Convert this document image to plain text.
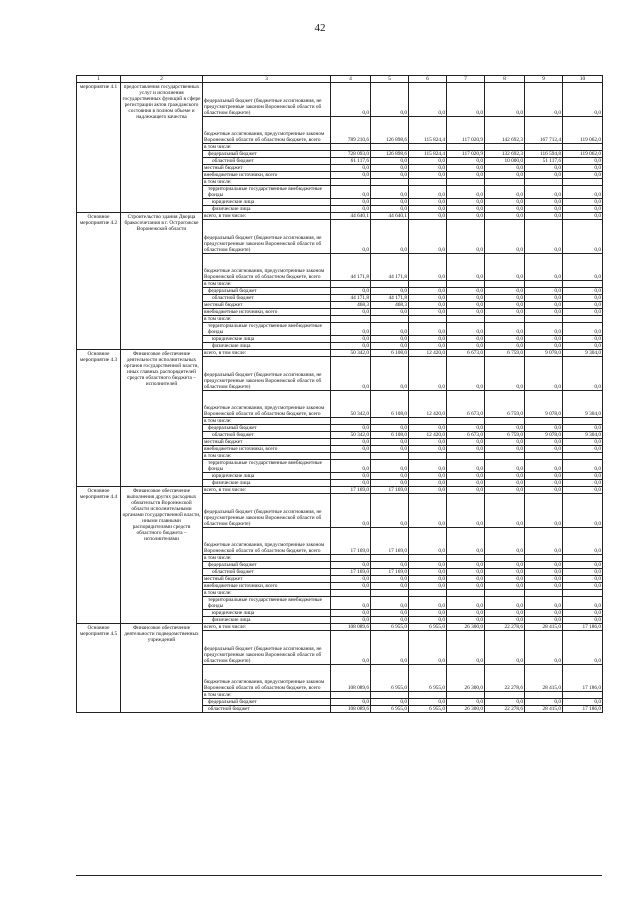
42
1	2	3	4	5	6	7	8	9	10
мероприятие 4.1	предоставления государственных услуг и исполнения государственных функций в сфере регистрации актов гражданского состояния в полном объеме и надлежащего качества	федеральный бюджет (бюджетные ассигнования, не предусмотренные законом Воронежской области об областном бюджете)	0,0	0,0	0,0	0,0	0,0	0,0	0,0
		бюджетные ассигнования, предусмотренные законом Воронежской области об областном бюджете, всего	789 210,6	126 898,6	115 824,4	117 020,9	142 692,3	167 712,4	119 062,0
		в том числе:							
		федеральный бюджет	728 093,0	126 898,6	115 824,4	117 020,9	132 692,3	116 594,8	119 062,0
		областной бюджет	61 117,6	0,0	0,0	0,0	10 000,0	51 117,6	0,0
		местный бюджет	0,0	0,0	0,0	0,0	0,0	0,0	0,0
		внебюджетные источники, всего	0,0	0,0	0,0	0,0	0,0	0,0	0,0
		в том числе:							
		территориальные государственные внебюджетные фонды	0,0	0,0	0,0	0,0	0,0	0,0	0,0
		юридические лица	0,0	0,0	0,0	0,0	0,0	0,0	0,0
		физические лица	0,0	0,0	0,0	0,0	0,0	0,0	0,0
Основное мероприятие 4.2	Строительство здания Дворца бракосочетания в г. Острогожске Воронежской области	всего, в том числе:	44 640,1	44 640,1	0,0	0,0	0,0	0,0	0,0
		федеральный бюджет (бюджетные ассигнования, не предусмотренные законом Воронежской области об областном бюджете)	0,0	0,0	0,0	0,0	0,0	0,0	0,0
		бюджетные ассигнования, предусмотренные законом Воронежской области об областном бюджете, всего	44 171,8	44 171,8	0,0	0,0	0,0	0,0	0,0
		в том числе:							
		федеральный бюджет	0,0	0,0	0,0	0,0	0,0	0,0	0,0
		областной бюджет	44 171,8	44 171,8	0,0	0,0	0,0	0,0	0,0
		местный бюджет	468,3	468,3	0,0	0,0	0,0	0,0	0,0
		внебюджетные источники, всего	0,0	0,0	0,0	0,0	0,0	0,0	0,0
		в том числе:							
		территориальные государственные внебюджетные фонды	0,0	0,0	0,0	0,0	0,0	0,0	0,0
		юридические лица	0,0	0,0	0,0	0,0	0,0	0,0	0,0
		физические лица	0,0	0,0	0,0	0,0	0,0	0,0	0,0
Основное мероприятие 4.3	Финансовое обеспечение деятельности исполнительных органов государственной власти, иных главных распорядителей средств областного бюджета – исполнителей	всего, в том числе:	50 342,0	6 108,0	12 420,0	6 673,0	6 759,0	9 078,0	9 304,0
		федеральный бюджет (бюджетные ассигнования, не предусмотренные законом Воронежской области об областном бюджете)	0,0	0,0	0,0	0,0	0,0	0,0	0,0
		бюджетные ассигнования, предусмотренные законом Воронежской области об областном бюджете, всего	50 342,0	6 108,0	12 420,0	6 673,0	6 759,0	9 078,0	9 304,0
		в том числе:							
		федеральный бюджет	0,0	0,0	0,0	0,0	0,0	0,0	0,0
		областной бюджет	50 342,0	6 108,0	12 420,0	6 673,0	6 759,0	9 078,0	9 304,0
		местный бюджет	0,0	0,0	0,0	0,0	0,0	0,0	0,0
		внебюджетные источники, всего	0,0	0,0	0,0	0,0	0,0	0,0	0,0
		в том числе:							
		территориальные государственные внебюджетные фонды	0,0	0,0	0,0	0,0	0,0	0,0	0,0
		юридические лица	0,0	0,0	0,0	0,0	0,0	0,0	0,0
		физические лица	0,0	0,0	0,0	0,0	0,0	0,0	0,0
Основное мероприятие 4.4	Финансовое обеспечение выполнения других расходных обязательств Воронежской области исполнительными органами государственной власти, иными главными распорядителями средств областного бюджета – исполнителями	всего, в том числе:	17 169,0	17 169,0	0,0	0,0	0,0	0,0	0,0
		федеральный бюджет (бюджетные ассигнования, не предусмотренные законом Воронежской области об областном бюджете)	0,0	0,0	0,0	0,0	0,0	0,0	0,0
		бюджетные ассигнования, предусмотренные законом Воронежской области об областном бюджете, всего	17 169,0	17 169,0	0,0	0,0	0,0	0,0	0,0
		в том числе:							
		федеральный бюджет	0,0	0,0	0,0	0,0	0,0	0,0	0,0
		областной бюджет	17 169,0	17 169,0	0,0	0,0	0,0	0,0	0,0
		местный бюджет	0,0	0,0	0,0	0,0	0,0	0,0	0,0
		внебюджетные источники, всего	0,0	0,0	0,0	0,0	0,0	0,0	0,0
		в том числе:							
		территориальные государственные внебюджетные фонды	0,0	0,0	0,0	0,0	0,0	0,0	0,0
		юридические лица	0,0	0,0	0,0	0,0	0,0	0,0	0,0
		физические лица	0,0	0,0	0,0	0,0	0,0	0,0	0,0
Основное мероприятие 4.5	Финансовое обеспечение деятельности подведомственных учреждений	всего, в том числе:	108 089,6	6 955,0	6 955,0	26 300,0	22 278,6	28 415,0	17 186,0
		федеральный бюджет (бюджетные ассигнования, не предусмотренные законом Воронежской области об областном бюджете)	0,0	0,0	0,0	0,0	0,0	0,0	0,0
		бюджетные ассигнования, предусмотренные законом Воронежской области об областном бюджете, всего	108 089,6	6 955,0	6 955,0	26 300,0	22 278,6	28 415,0	17 186,0
		в том числе:							
		федеральный бюджет	0,0	0,0	0,0	0,0	0,0	0,0	0,0
		областной бюджет	108 089,6	6 955,0	6 955,0	26 300,0	22 278,6	28 415,0	17 186,0
